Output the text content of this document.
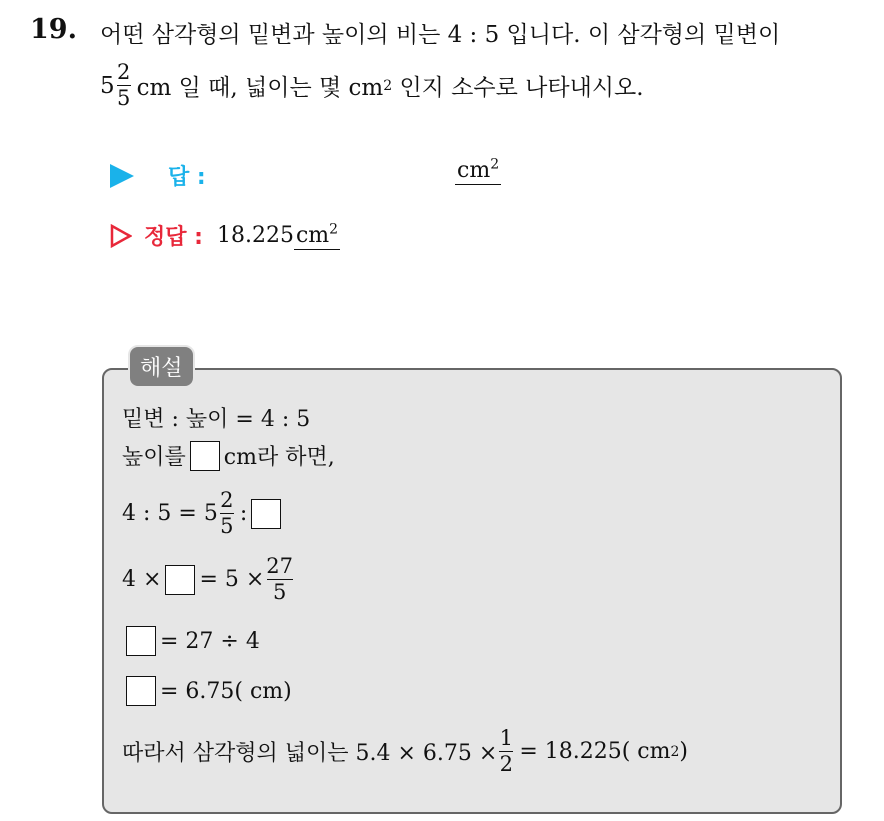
19. 어떤 삼각형의 밑변과 높이의 비는 4 : 5 입니다. 이 삼각형의 밑변이
$5 \frac{2}{5}$ cm 일 때, 넓이는 몇 cm 2
인지 소수로 나타내시오.
답 :	$cm^2$
정답 : $18.225cm^2$
해설
밑변 : 높이 = 4 : 5
높이를 cm라 하면,
4 : $5 = 5 \frac{2}{5}$ :
4 × = $5 \times \frac{27}{5}$
= 27 ÷ 4
= 6.75( cm)
따라서 삼각형의 넓이는 $5.4 \times 6.75 \times \frac{1}{2} = 18.225$( cm 2 )
